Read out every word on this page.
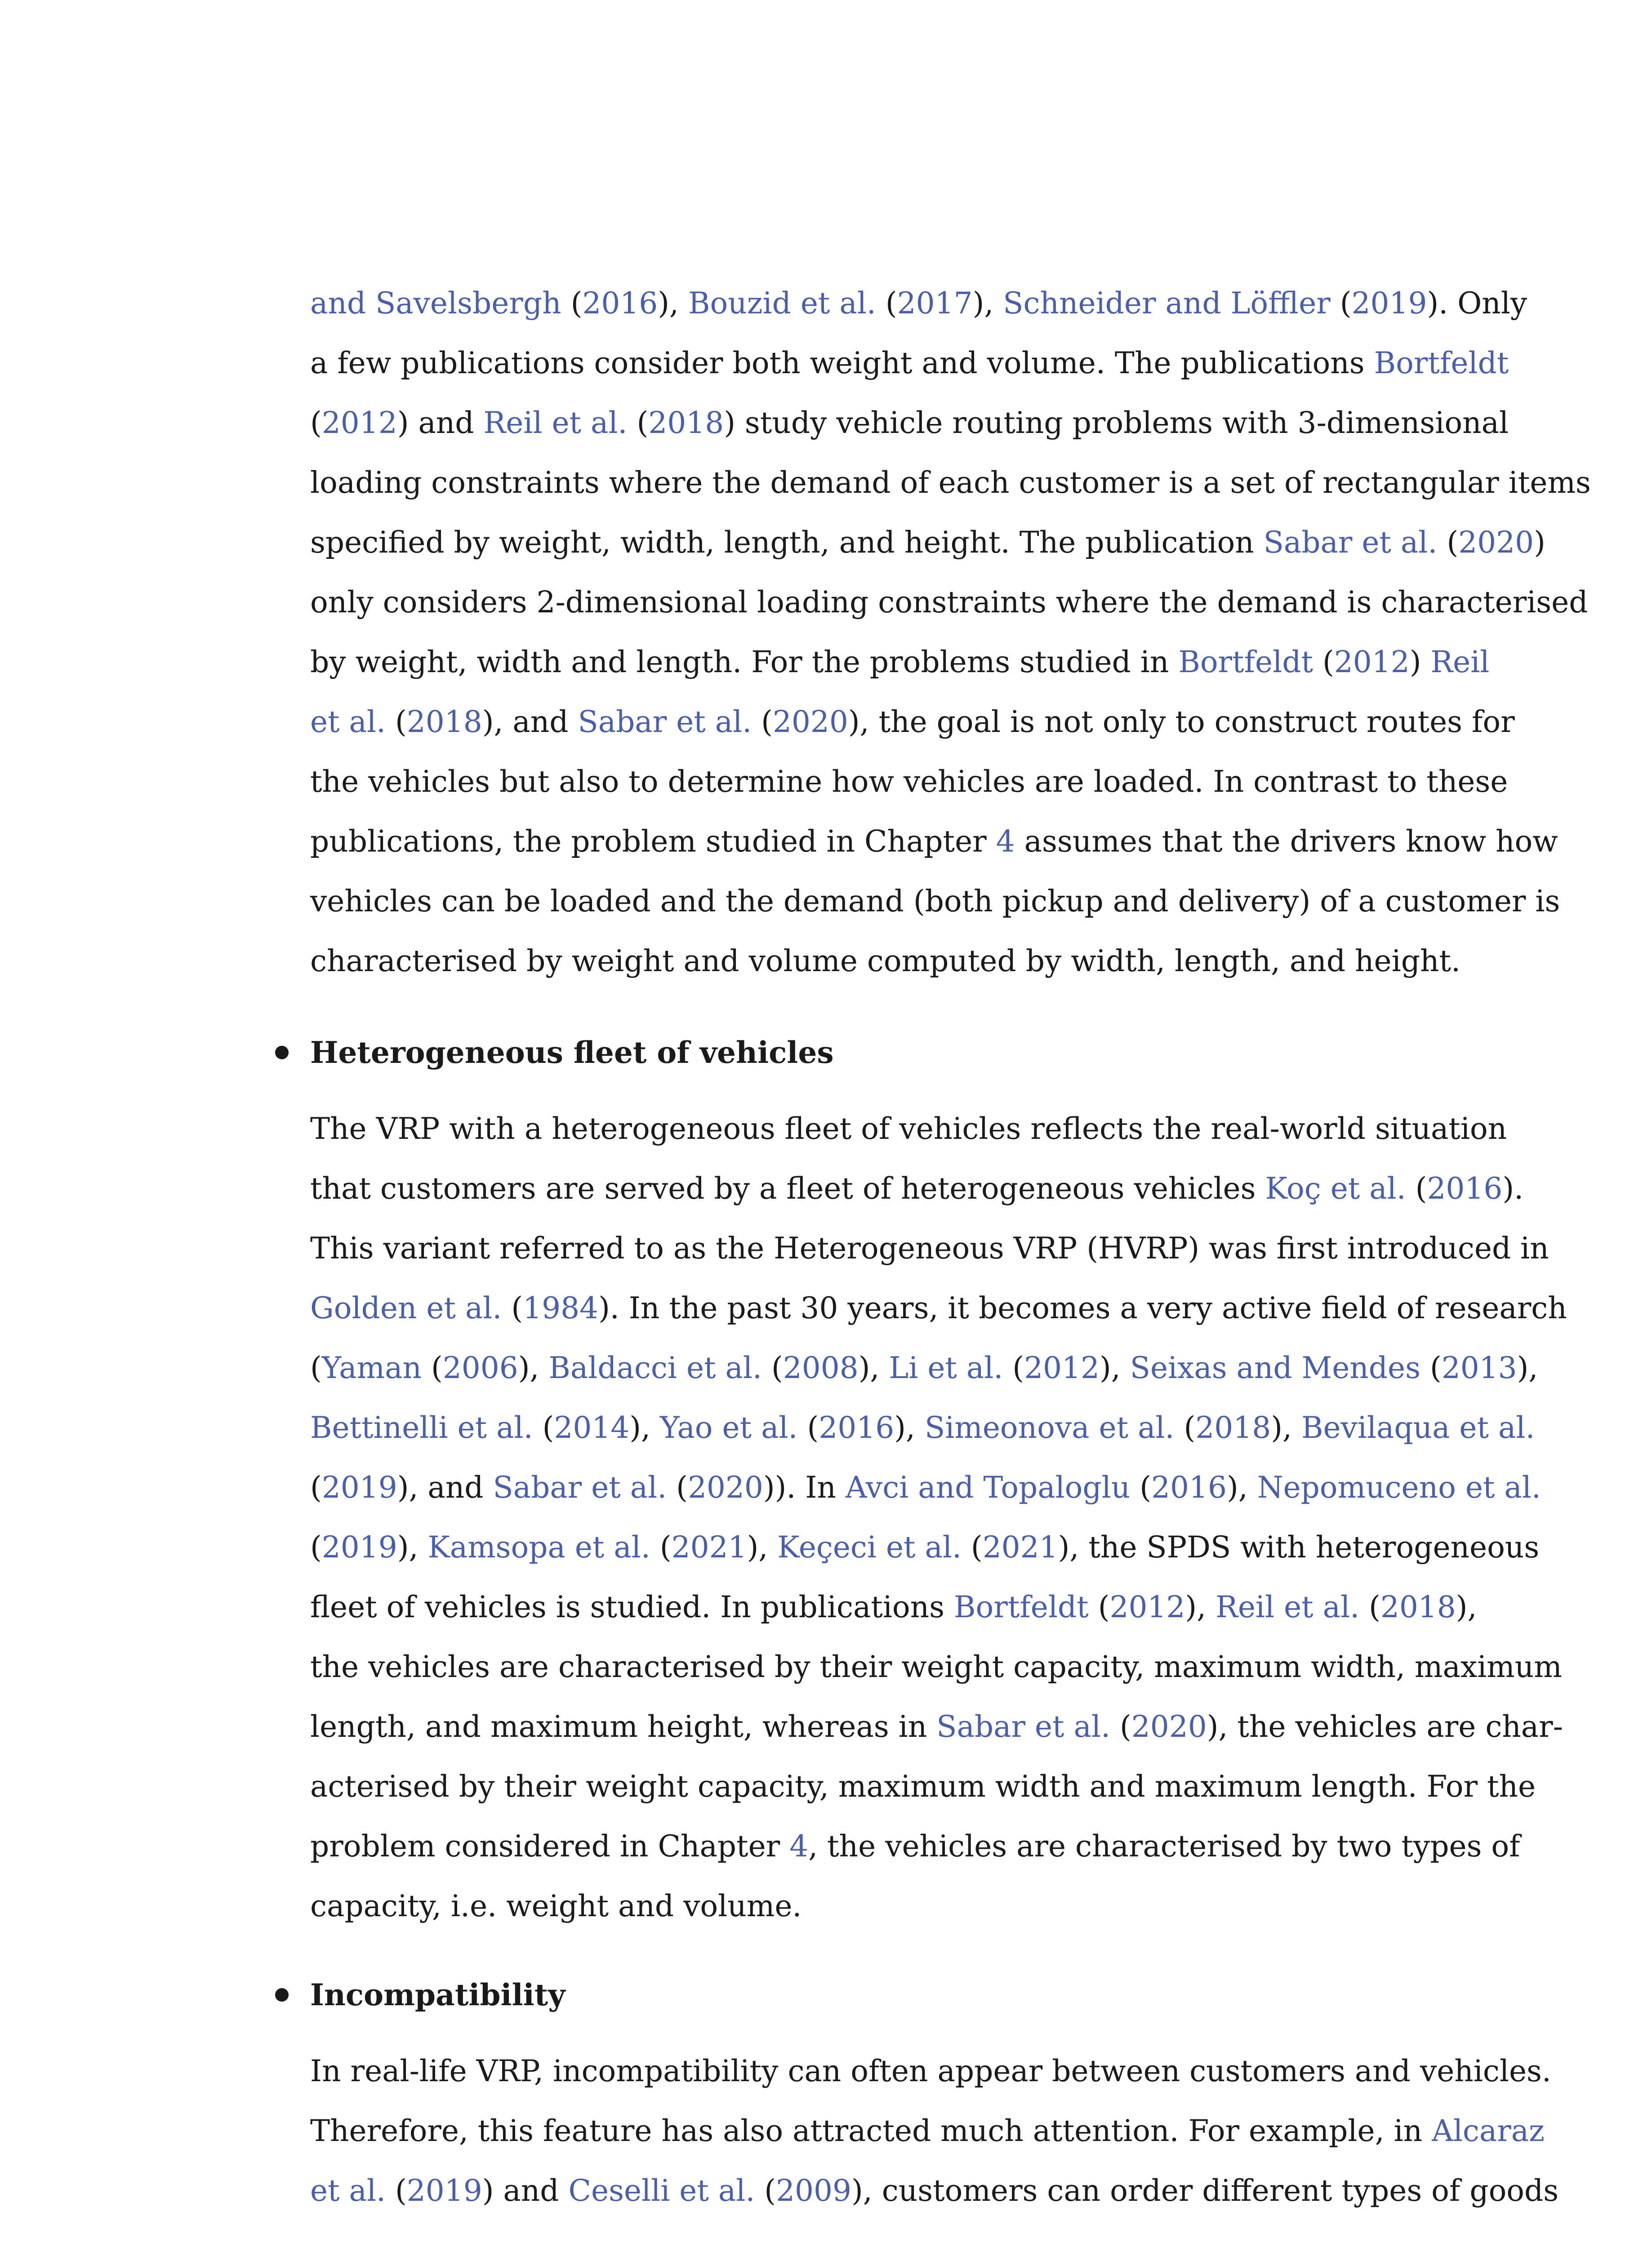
and Savelsbergh (2016), Bouzid et al. (2017), Schneider and Löffler (2019). Only
a few publications consider both weight and volume. The publications Bortfeldt
(2012) and Reil et al. (2018) study vehicle routing problems with 3-dimensional
loading constraints where the demand of each customer is a set of rectangular items
specified by weight, width, length, and height. The publication Sabar et al. (2020)
only considers 2-dimensional loading constraints where the demand is characterised
by weight, width and length. For the problems studied in Bortfeldt (2012) Reil
et al. (2018), and Sabar et al. (2020), the goal is not only to construct routes for
the vehicles but also to determine how vehicles are loaded. In contrast to these
publications, the problem studied in Chapter 4 assumes that the drivers know how
vehicles can be loaded and the demand (both pickup and delivery) of a customer is
characterised by weight and volume computed by width, length, and height.
Heterogeneous fleet of vehicles
The VRP with a heterogeneous fleet of vehicles reflects the real-world situation
that customers are served by a fleet of heterogeneous vehicles Koç et al. (2016).
This variant referred to as the Heterogeneous VRP (HVRP) was first introduced in
Golden et al. (1984). In the past 30 years, it becomes a very active field of research
(Yaman (2006), Baldacci et al. (2008), Li et al. (2012), Seixas and Mendes (2013),
Bettinelli et al. (2014), Yao et al. (2016), Simeonova et al. (2018), Bevilaqua et al.
(2019), and Sabar et al. (2020)). In Avci and Topaloglu (2016), Nepomuceno et al.
(2019), Kamsopa et al. (2021), Keçeci et al. (2021), the SPDS with heterogeneous
fleet of vehicles is studied. In publications Bortfeldt (2012), Reil et al. (2018),
the vehicles are characterised by their weight capacity, maximum width, maximum
length, and maximum height, whereas in Sabar et al. (2020), the vehicles are char-
acterised by their weight capacity, maximum width and maximum length. For the
problem considered in Chapter 4, the vehicles are characterised by two types of
capacity, i.e. weight and volume.
Incompatibility
In real-life VRP, incompatibility can often appear between customers and vehicles.
Therefore, this feature has also attracted much attention. For example, in Alcaraz
et al. (2019) and Ceselli et al. (2009), customers can order different types of goods
